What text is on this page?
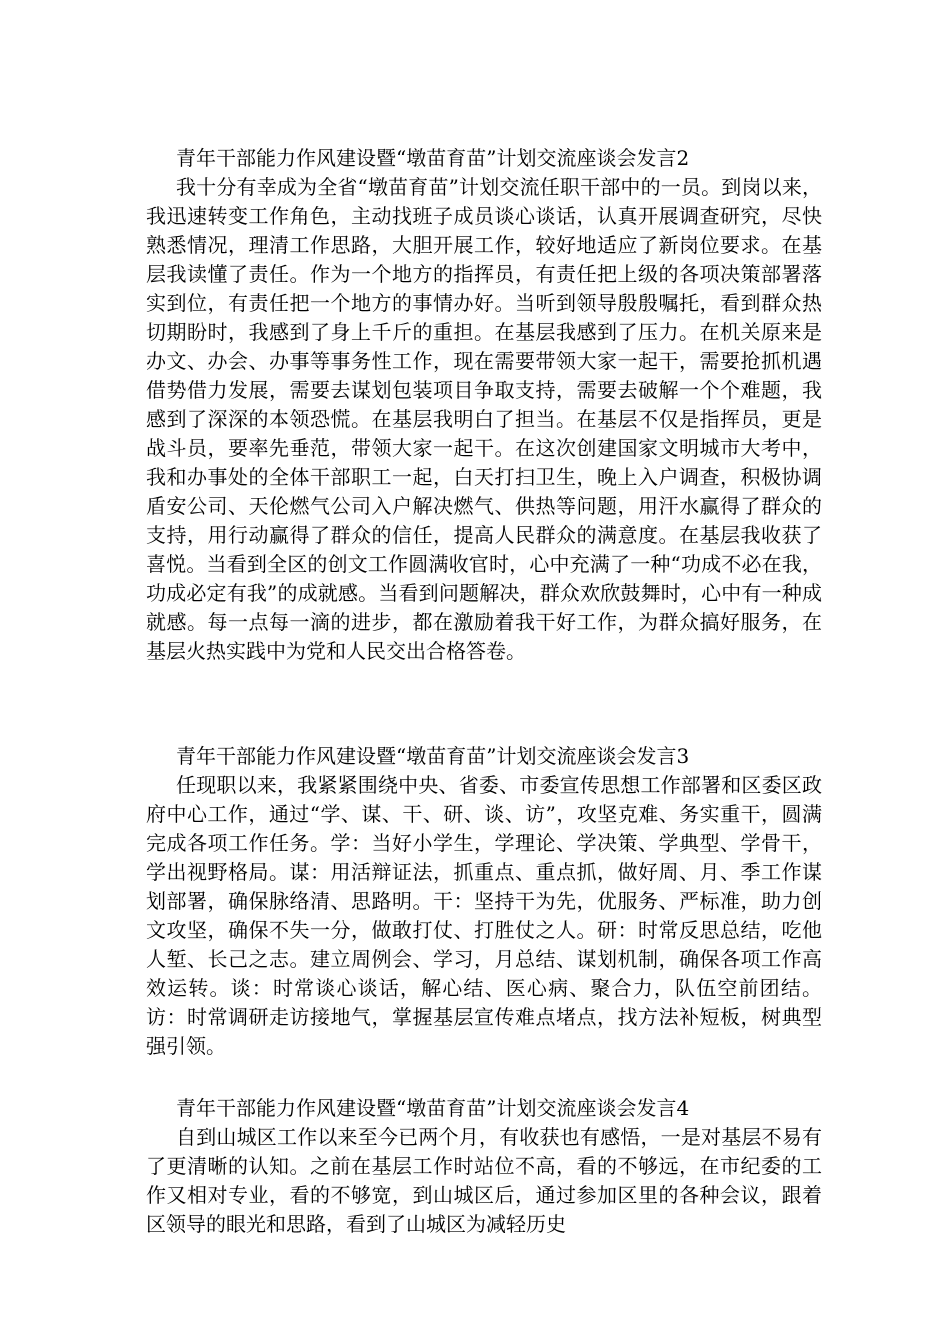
青年干部能力作风建设暨“墩苗育苗”计划交流座谈会发言2

我十分有幸成为全省“墩苗育苗”计划交流任职干部中的一员。到岗以来，我迅速转变工作角色，主动找班子成员谈心谈话，认真开展调查研究，尽快熟悉情况，理清工作思路，大胆开展工作，较好地适应了新岗位要求。在基层我读懂了责任。作为一个地方的指挥员，有责任把上级的各项决策部署落实到位，有责任把一个地方的事情办好。当听到领导殷殷嘱托，看到群众热切期盼时，我感到了身上千斤的重担。在基层我感到了压力。在机关原来是办文、办会、办事等事务性工作，现在需要带领大家一起干，需要抢抓机遇借势借力发展，需要去谋划包装项目争取支持，需要去破解一个个难题，我感到了深深的本领恐慌。在基层我明白了担当。在基层不仅是指挥员，更是战斗员，要率先垂范，带领大家一起干。在这次创建国家文明城市大考中，我和办事处的全体干部职工一起，白天打扫卫生，晚上入户调查，积极协调盾安公司、天伦燃气公司入户解决燃气、供热等问题，用汗水赢得了群众的支持，用行动赢得了群众的信任，提高人民群众的满意度。在基层我收获了喜悦。当看到全区的创文工作圆满收官时，心中充满了一种“功成不必在我，功成必定有我”的成就感。当看到问题解决，群众欢欣鼓舞时，心中有一种成就感。每一点每一滴的进步，都在激励着我干好工作，为群众搞好服务，在基层火热实践中为党和人民交出合格答卷。

青年干部能力作风建设暨“墩苗育苗”计划交流座谈会发言3

任现职以来，我紧紧围绕中央、省委、市委宣传思想工作部署和区委区政府中心工作，通过“学、谋、干、研、谈、访”，攻坚克难、务实重干，圆满完成各项工作任务。学：当好小学生，学理论、学决策、学典型、学骨干，学出视野格局。谋：用活辩证法，抓重点、重点抓，做好周、月、季工作谋划部署，确保脉络清、思路明。干：坚持干为先，优服务、严标准，助力创文攻坚，确保不失一分，做敢打仗、打胜仗之人。研：时常反思总结，吃他人堑、长己之志。建立周例会、学习，月总结、谋划机制，确保各项工作高效运转。谈：时常谈心谈话，解心结、医心病、聚合力，队伍空前团结。访：时常调研走访接地气，掌握基层宣传难点堵点，找方法补短板，树典型强引领。

青年干部能力作风建设暨“墩苗育苗”计划交流座谈会发言4

自到山城区工作以来至今已两个月，有收获也有感悟，一是对基层不易有了更清晰的认知。之前在基层工作时站位不高，看的不够远，在市纪委的工作又相对专业，看的不够宽，到山城区后，通过参加区里的各种会议，跟着区领导的眼光和思路，看到了山城区为减轻历史
